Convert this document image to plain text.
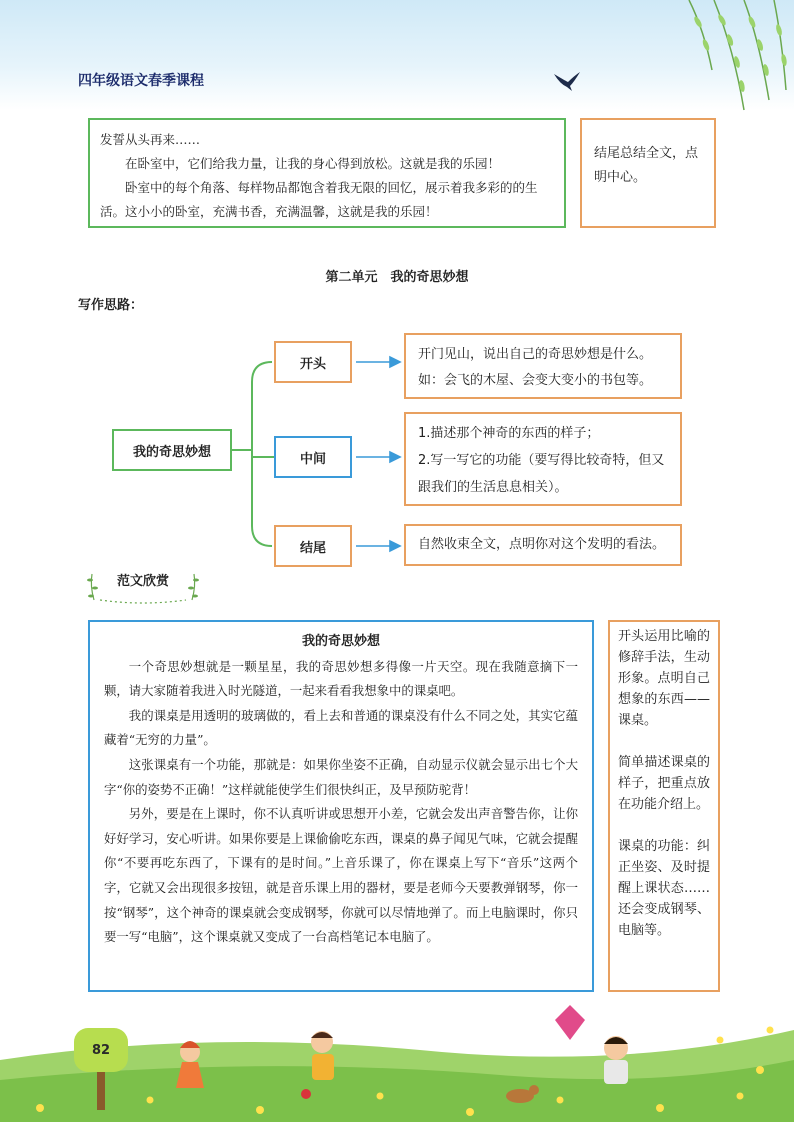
四年级语文春季课程

发誓从头再来……

在卧室中，它们给我力量，让我的身心得到放松。这就是我的乐园！

卧室中的每个角落、每样物品都饱含着我无限的回忆，展示着我多彩的的生活。这小小的卧室，充满书香，充满温馨，这就是我的乐园！

结尾总结全文，点明中心。
第二单元　我的奇思妙想
写作思路：
我的奇思妙想
开头
中间
结尾

开门见山，说出自己的奇思妙想是什么。

如：会飞的木屋、会变大变小的书包等。

1.描述那个神奇的东西的样子；

2.写一写它的功能（要写得比较奇特，但又跟我们的生活息息相关）。

自然收束全文，点明你对这个发明的看法。

范文欣赏
我的奇思妙想

一个奇思妙想就是一颗星星，我的奇思妙想多得像一片天空。现在我随意摘下一颗，请大家随着我进入时光隧道，一起来看看我想象中的课桌吧。

我的课桌是用透明的玻璃做的，看上去和普通的课桌没有什么不同之处，其实它蕴藏着“无穷的力量”。

这张课桌有一个功能，那就是：如果你坐姿不正确，自动显示仪就会显示出七个大字“你的姿势不正确！”这样就能使学生们很快纠正，及早预防驼背！

另外，要是在上课时，你不认真听讲或思想开小差，它就会发出声音警告你，让你好好学习，安心听讲。如果你要是上课偷偷吃东西，课桌的鼻子闻见气味，它就会提醒你“不要再吃东西了，下课有的是时间。”上音乐课了，你在课桌上写下“音乐”这两个字，它就又会出现很多按钮，就是音乐课上用的器材，要是老师今天要教弹钢琴，你一按“钢琴”，这个神奇的课桌就会变成钢琴，你就可以尽情地弹了。而上电脑课时，你只要一写“电脑”，这个课桌就又变成了一台高档笔记本电脑了。

开头运用比喻的修辞手法，生动形象。点明自己想象的东西——课桌。

简单描述课桌的样子，把重点放在功能介绍上。

课桌的功能：纠正坐姿、及时提醒上课状态……还会变成钢琴、电脑等。

82
